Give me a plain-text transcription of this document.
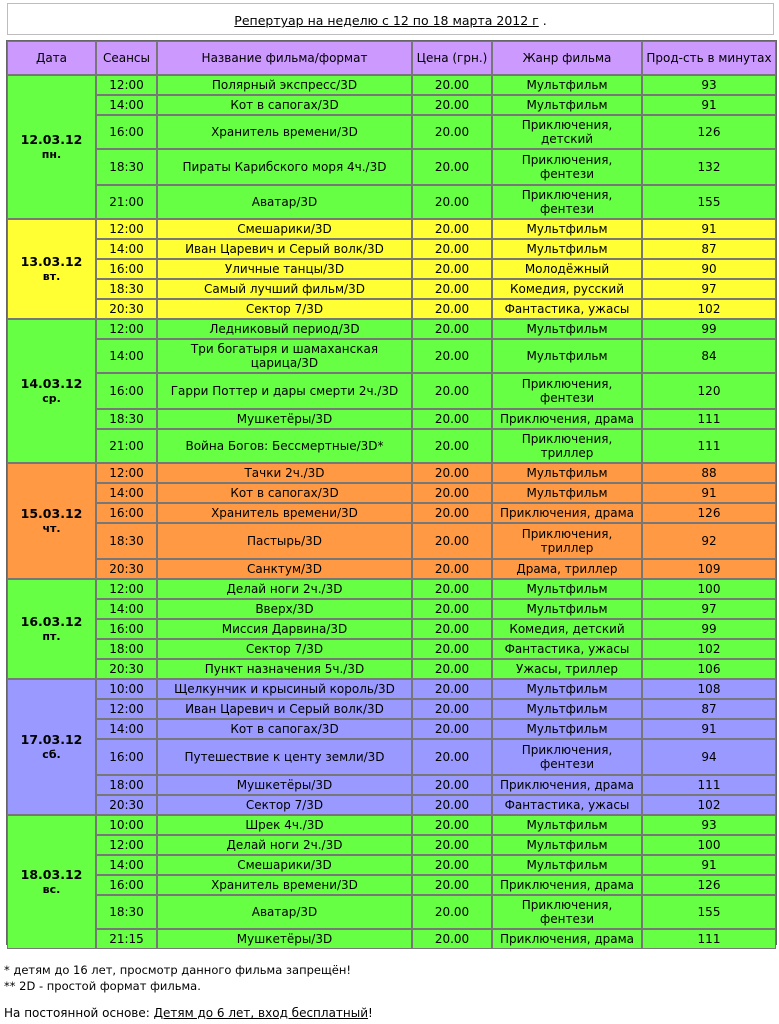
Репертуар на неделю с 12 по 18 марта 2012 г .
Дата	Сеансы	Название фильма/формат	Цена (грн.)	Жанр фильма	Прод-сть в минутах
12.03.12
пн.
12:00	Полярный экспресс/3D	20.00	Мультфильм	93
14:00	Кот в сапогах/3D	20.00	Мультфильм	91
16:00	Хранитель времени/3D	20.00	Приключения, детский	126
18:30	Пираты Карибского моря 4ч./3D	20.00	Приключения, фентези	132
21:00	Аватар/3D	20.00	Приключения, фентези	155
13.03.12
вт.
12:00	Смешарики/3D	20.00	Мультфильм	91
14:00	Иван Царевич и Серый волк/3D	20.00	Мультфильм	87
16:00	Уличные танцы/3D	20.00	Молодёжный	90
18:30	Самый лучший фильм/3D	20.00	Комедия, русский	97
20:30	Сектор 7/3D	20.00	Фантастика, ужасы	102
14.03.12
ср.
12:00	Ледниковый период/3D	20.00	Мультфильм	99
14:00	Три богатыря и шамаханская царица/3D	20.00	Мультфильм	84
16:00	Гарри Поттер и дары смерти 2ч./3D	20.00	Приключения, фентези	120
18:30	Мушкетёры/3D	20.00	Приключения, драма	111
21:00	Война Богов: Бессмертные/3D*	20.00	Приключения, триллер	111
15.03.12
чт.
12:00	Тачки 2ч./3D	20.00	Мультфильм	88
14:00	Кот в сапогах/3D	20.00	Мультфильм	91
16:00	Хранитель времени/3D	20.00	Приключения, драма	126
18:30	Пастырь/3D	20.00	Приключения, триллер	92
20:30	Санктум/3D	20.00	Драма, триллер	109
16.03.12
пт.
12:00	Делай ноги 2ч./3D	20.00	Мультфильм	100
14:00	Вверх/3D	20.00	Мультфильм	97
16:00	Миссия Дарвина/3D	20.00	Комедия, детский	99
18:00	Сектор 7/3D	20.00	Фантастика, ужасы	102
20:30	Пункт назначения 5ч./3D	20.00	Ужасы, триллер	106
17.03.12
сб.
10:00	Щелкунчик и крысиный король/3D	20.00	Мультфильм	108
12:00	Иван Царевич и Серый волк/3D	20.00	Мультфильм	87
14:00	Кот в сапогах/3D	20.00	Мультфильм	91
16:00	Путешествие к центу земли/3D	20.00	Приключения, фентези	94
18:00	Мушкетёры/3D	20.00	Приключения, драма	111
20:30	Сектор 7/3D	20.00	Фантастика, ужасы	102
18.03.12
вс.
10:00	Шрек 4ч./3D	20.00	Мультфильм	93
12:00	Делай ноги 2ч./3D	20.00	Мультфильм	100
14:00	Смешарики/3D	20.00	Мультфильм	91
16:00	Хранитель времени/3D	20.00	Приключения, драма	126
18:30	Аватар/3D	20.00	Приключения, фентези	155
21:15	Мушкетёры/3D	20.00	Приключения, драма	111
* детям до 16 лет, просмотр данного фильма запрещён!
** 2D - простой формат фильма.
На постоянной основе: Детям до 6 лет, вход бесплатный!
